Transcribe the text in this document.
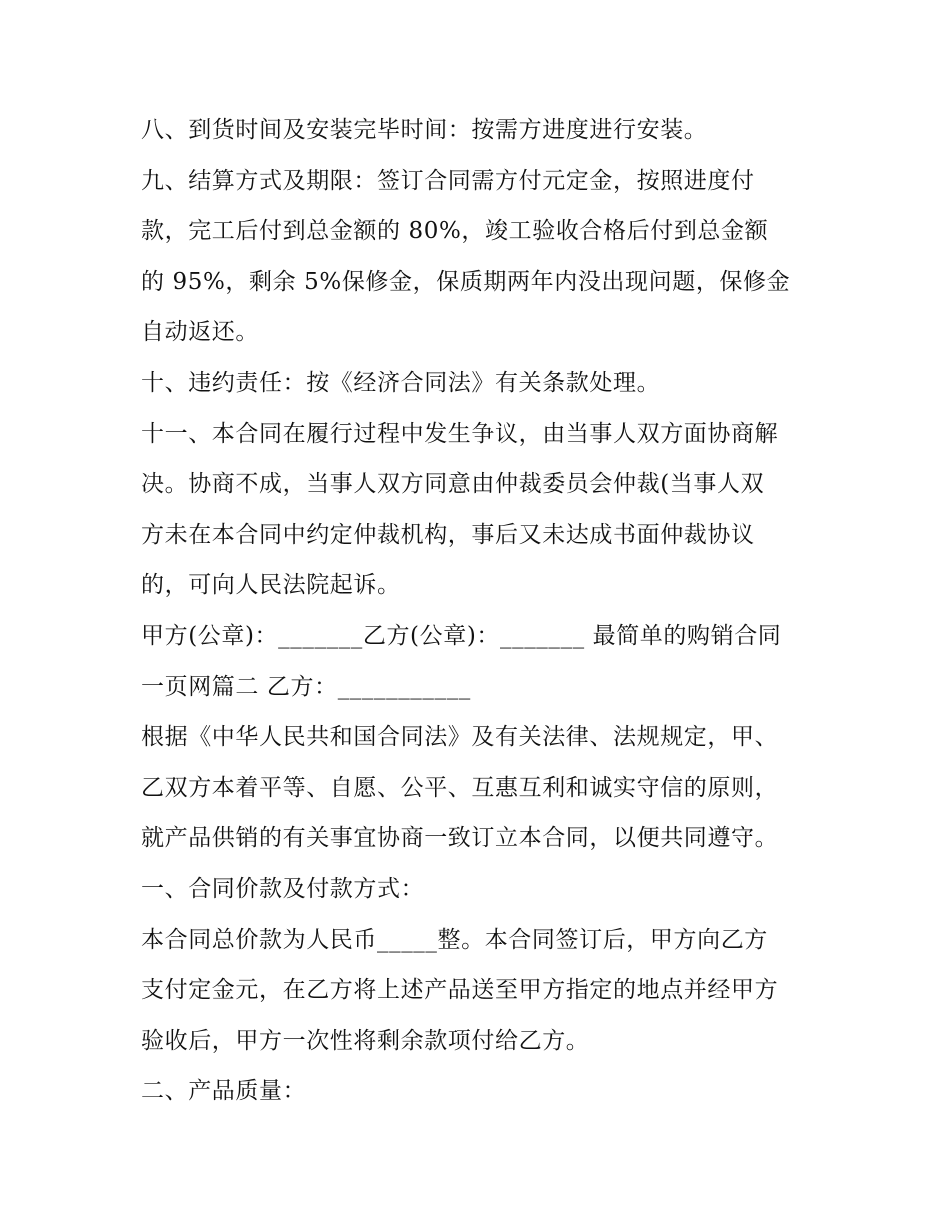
八、到货时间及安装完毕时间：按需方进度进行安装。
九、结算方式及期限：签订合同需方付元定金，按照进度付
款，完工后付到总金额的 80%，竣工验收合格后付到总金额
的 95%，剩余 5%保修金，保质期两年内没出现问题，保修金
自动返还。
十、违约责任：按《经济合同法》有关条款处理。
十一、本合同在履行过程中发生争议，由当事人双方面协商解
决。协商不成，当事人双方同意由仲裁委员会仲裁(当事人双
方未在本合同中约定仲裁机构，事后又未达成书面仲裁协议
的，可向人民法院起诉。
甲方(公章)：_______乙方(公章)：_______ 最简单的购销合同
一页网篇二 乙方：___________
根据《中华人民共和国合同法》及有关法律、法规规定，甲、
乙双方本着平等、自愿、公平、互惠互利和诚实守信的原则，
就产品供销的有关事宜协商一致订立本合同，以便共同遵守。
一、合同价款及付款方式：
本合同总价款为人民币_____整。本合同签订后，甲方向乙方
支付定金元，在乙方将上述产品送至甲方指定的地点并经甲方
验收后，甲方一次性将剩余款项付给乙方。
二、产品质量：
